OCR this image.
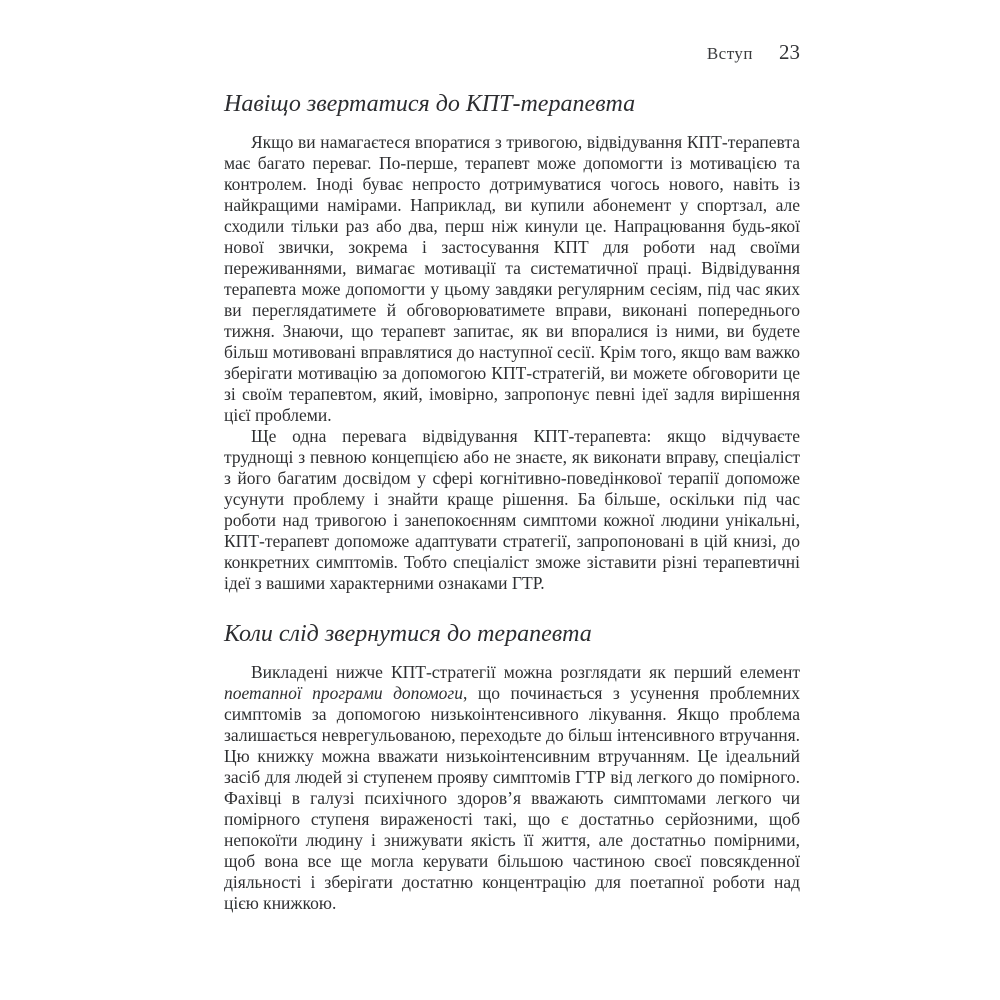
Вступ 23
Навіщо звертатися до КПТ-терапевта

Якщо ви намагаєтеся впоратися з тривогою, відвідування КПТ-терапевта має багато переваг. По-перше, терапевт може допомогти із мотивацією та контролем. Іноді буває непросто дотримуватися чогось нового, навіть із найкращими намірами. Наприклад, ви купили абонемент у спортзал, але сходили тільки раз або два, перш ніж кинули це. Напрацювання будь-якої нової звички, зокрема і застосування КПТ для роботи над своїми переживаннями, вимагає мотивації та систематичної праці. Відвідування терапевта може допомогти у цьому завдяки регулярним сесіям, під час яких ви переглядатимете й обговорюватимете вправи, виконані попереднього тижня. Знаючи, що терапевт запитає, як ви впоралися із ними, ви будете більш мотивовані вправлятися до наступної сесії. Крім того, якщо вам важко зберігати мотивацію за допомогою КПТ-стратегій, ви можете обговорити це зі своїм терапевтом, який, імовірно, запропонує певні ідеї задля вирішення цієї проблеми.

Ще одна перевага відвідування КПТ-терапевта: якщо відчуваєте труднощі з певною концепцією або не знаєте, як виконати вправу, спеціаліст з його багатим досвідом у сфері когнітивно-поведінкової терапії допоможе усунути проблему і знайти краще рішення. Ба більше, оскільки під час роботи над тривогою і занепокоєнням симптоми кожної людини унікальні, КПТ-терапевт допоможе адаптувати стратегії, запропоновані в цій книзі, до конкретних симптомів. Тобто спеціаліст зможе зіставити різні терапевтичні ідеї з вашими характерними ознаками ГТР.

Коли слід звернутися до терапевта

Викладені нижче КПТ-стратегії можна розглядати як перший елемент поетапної програми допомоги, що починається з усунення проблемних симптомів за допомогою низькоінтенсивного лікування. Якщо проблема залишається неврегульованою, переходьте до більш інтенсивного втручання. Цю книжку можна вважати низькоінтенсивним втручанням. Це ідеальний засіб для людей зі ступенем прояву симптомів ГТР від легкого до помірного. Фахівці в галузі психічного здоров’я вважають симптомами легкого чи помірного ступеня вираженості такі, що є достатньо серйозними, щоб непокоїти людину і знижувати якість її життя, але достатньо помірними, щоб вона все ще могла керувати більшою частиною своєї повсякденної діяльності і зберігати достатню концентрацію для поетапної роботи над цією книжкою.
